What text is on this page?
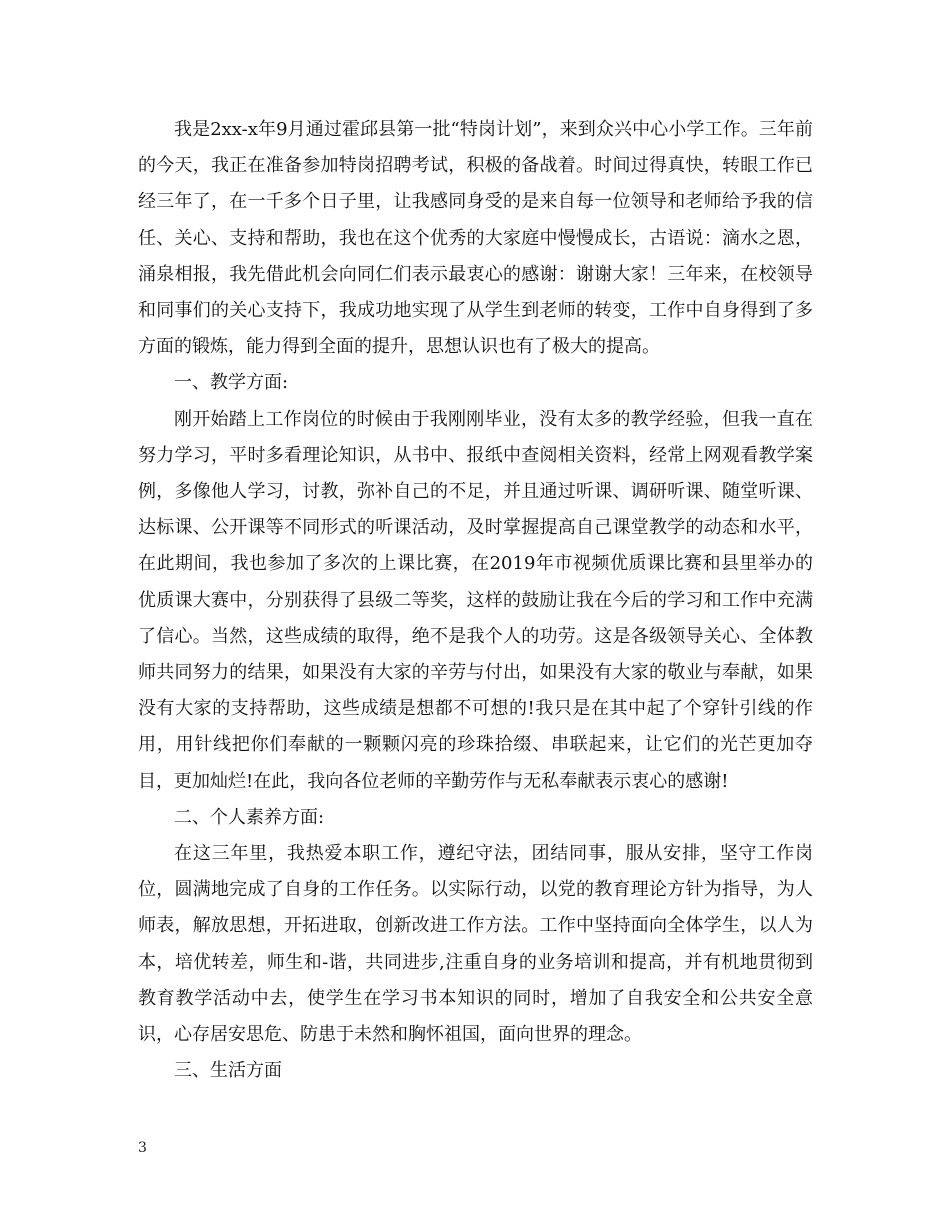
我是2xx-x年9月通过霍邱县第一批“特岗计划”，来到众兴中心小学工作。三年前的今天，我正在准备参加特岗招聘考试，积极的备战着。时间过得真快，转眼工作已经三年了，在一千多个日子里，让我感同身受的是来自每一位领导和老师给予我的信任、关心、支持和帮助，我也在这个优秀的大家庭中慢慢成长，古语说：滴水之恩，涌泉相报，我先借此机会向同仁们表示最衷心的感谢：谢谢大家！三年来，在校领导和同事们的关心支持下，我成功地实现了从学生到老师的转变，工作中自身得到了多方面的锻炼，能力得到全面的提升，思想认识也有了极大的提高。

一、教学方面:

刚开始踏上工作岗位的时候由于我刚刚毕业，没有太多的教学经验，但我一直在努力学习，平时多看理论知识，从书中、报纸中查阅相关资料，经常上网观看教学案例，多像他人学习，讨教，弥补自己的不足，并且通过听课、调研听课、随堂听课、达标课、公开课等不同形式的听课活动，及时掌握提高自己课堂教学的动态和水平，在此期间，我也参加了多次的上课比赛，在2019年市视频优质课比赛和县里举办的优质课大赛中，分别获得了县级二等奖，这样的鼓励让我在今后的学习和工作中充满了信心。当然，这些成绩的取得，绝不是我个人的功劳。这是各级领导关心、全体教师共同努力的结果，如果没有大家的辛劳与付出，如果没有大家的敬业与奉献，如果没有大家的支持帮助，这些成绩是想都不可想的!我只是在其中起了个穿针引线的作用，用针线把你们奉献的一颗颗闪亮的珍珠拾缀、串联起来，让它们的光芒更加夺目，更加灿烂!在此，我向各位老师的辛勤劳作与无私奉献表示衷心的感谢!

二、个人素养方面:

在这三年里，我热爱本职工作，遵纪守法，团结同事，服从安排，坚守工作岗位，圆满地完成了自身的工作任务。以实际行动，以党的教育理论方针为指导，为人师表，解放思想，开拓进取，创新改进工作方法。工作中坚持面向全体学生，以人为本，培优转差，师生和-谐，共同进步,注重自身的业务培训和提高，并有机地贯彻到教育教学活动中去，使学生在学习书本知识的同时，增加了自我安全和公共安全意识，心存居安思危、防患于未然和胸怀祖国，面向世界的理念。

三、生活方面

3
